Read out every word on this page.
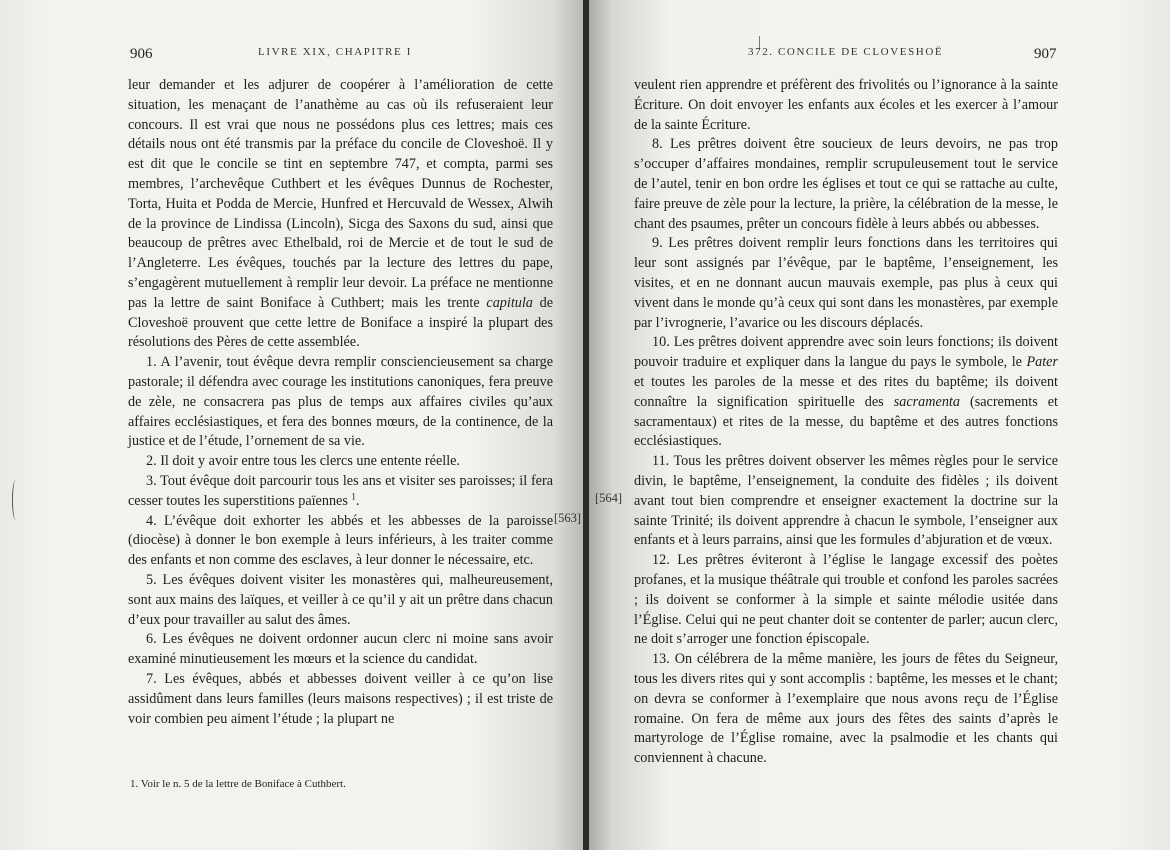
906	LIVRE XIX, CHAPITRE I

leur demander et les adjurer de coopérer à l’amélioration de cette situation, les menaçant de l’anathème au cas où ils refuseraient leur concours. Il est vrai que nous ne possédons plus ces lettres; mais ces détails nous ont été transmis par la préface du concile de Cloveshoë. Il y est dit que le concile se tint en septembre 747, et compta, parmi ses membres, l’archevêque Cuthbert et les évêques Dunnus de Rochester, Torta, Huita et Podda de Mercie, Hunfred et Hercuvald de Wessex, Alwih de la province de Lindissa (Lincoln), Sicga des Saxons du sud, ainsi que beaucoup de prêtres avec Ethelbald, roi de Mercie et de tout le sud de l’Angleterre. Les évêques, touchés par la lecture des lettres du pape, s’engagèrent mutuellement à remplir leur devoir. La préface ne mentionne pas la lettre de saint Boniface à Cuthbert; mais les trente capitula de Cloveshoë prouvent que cette lettre de Boniface a inspiré la plupart des résolutions des Pères de cette assemblée.

1. A l’avenir, tout évêque devra remplir consciencieusement sa charge pastorale; il défendra avec courage les institutions canoniques, fera preuve de zèle, ne consacrera pas plus de temps aux affaires civiles qu’aux affaires ecclésiastiques, et fera des bonnes mœurs, de la continence, de la justice et de l’étude, l’ornement de sa vie.

2. Il doit y avoir entre tous les clercs une entente réelle.

3. Tout évêque doit parcourir tous les ans et visiter ses paroisses; il fera cesser toutes les superstitions païennes $^1$.

4. L’évêque doit exhorter les abbés et les abbesses de la paroisse (diocèse) à donner le bon exemple à leurs inférieurs, à les traiter comme des enfants et non comme des esclaves, à leur donner le nécessaire, etc.

5. Les évêques doivent visiter les monastères qui, malheureusement, sont aux mains des laïques, et veiller à ce qu’il y ait un prêtre dans chacun d’eux pour travailler au salut des âmes.

6. Les évêques ne doivent ordonner aucun clerc ni moine sans avoir examiné minutieusement les mœurs et la science du candidat.

7. Les évêques, abbés et abbesses doivent veiller à ce qu’on lise assidûment dans leurs familles (leurs maisons respectives) ; il est triste de voir combien peu aiment l’étude ; la plupart ne

[563]
1. Voir le n. 5 de la lettre de Boniface à Cuthbert.
372. CONCILE DE CLOVESHOË	907

veulent rien apprendre et préfèrent des frivolités ou l’ignorance à la sainte Écriture. On doit envoyer les enfants aux écoles et les exercer à l’amour de la sainte Écriture.

8. Les prêtres doivent être soucieux de leurs devoirs, ne pas trop s’occuper d’affaires mondaines, remplir scrupuleusement tout le service de l’autel, tenir en bon ordre les églises et tout ce qui se rattache au culte, faire preuve de zèle pour la lecture, la prière, la célébration de la messe, le chant des psaumes, prêter un concours fidèle à leurs abbés ou abbesses.

9. Les prêtres doivent remplir leurs fonctions dans les territoires qui leur sont assignés par l’évêque, par le baptême, l’enseignement, les visites, et en ne donnant aucun mauvais exemple, pas plus à ceux qui vivent dans le monde qu’à ceux qui sont dans les monastères, par exemple par l’ivrognerie, l’avarice ou les discours déplacés.

10. Les prêtres doivent apprendre avec soin leurs fonctions; ils doivent pouvoir traduire et expliquer dans la langue du pays le symbole, le Pater et toutes les paroles de la messe et des rites du baptême; ils doivent connaître la signification spirituelle des sacramenta (sacrements et sacramentaux) et rites de la messe, du baptême et des autres fonctions ecclésiastiques.

11. Tous les prêtres doivent observer les mêmes règles pour le service divin, le baptême, l’enseignement, la conduite des fidèles ; ils doivent avant tout bien comprendre et enseigner exactement la doctrine sur la sainte Trinité; ils doivent apprendre à chacun le symbole, l’enseigner aux enfants et à leurs parrains, ainsi que les formules d’abjuration et de vœux.

12. Les prêtres éviteront à l’église le langage excessif des poètes profanes, et la musique théâtrale qui trouble et confond les paroles sacrées ; ils doivent se conformer à la simple et sainte mélodie usitée dans l’Église. Celui qui ne peut chanter doit se contenter de parler; aucun clerc, ne doit s’arroger une fonction épiscopale.

13. On célébrera de la même manière, les jours de fêtes du Seigneur, tous les divers rites qui y sont accomplis : baptême, les messes et le chant; on devra se conformer à l’exemplaire que nous avons reçu de l’Église romaine. On fera de même aux jours des fêtes des saints d’après le martyrologe de l’Église romaine, avec la psalmodie et les chants qui conviennent à chacune.

[564]
